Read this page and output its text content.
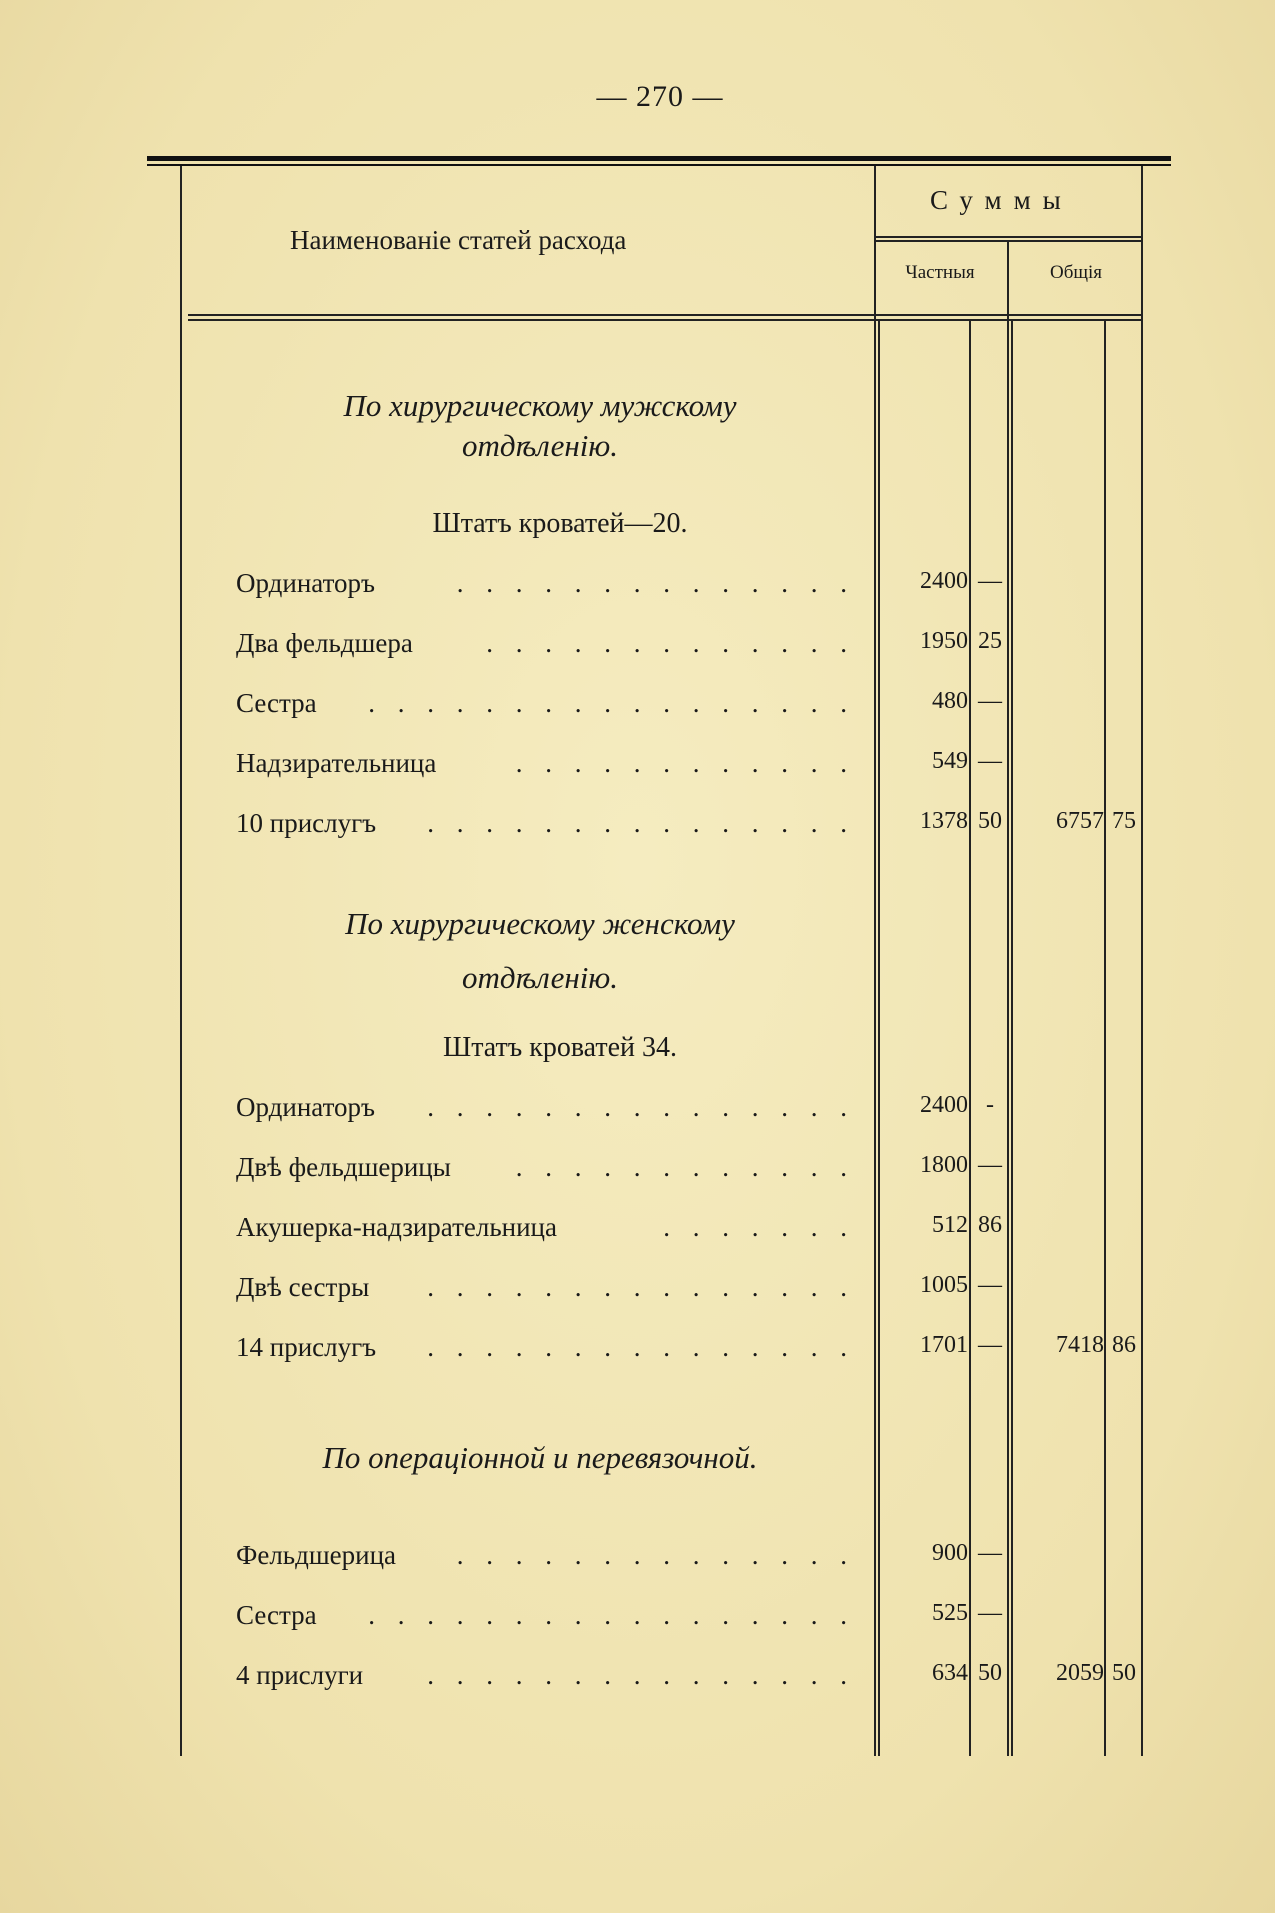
— 270 —
Наименованіе статей расхода
Суммы
Частныя	Общія
По хирургическому мужскому
отдѣленію.
Штатъ кроватей—20.
Ординаторъ	. . . . . . . . . . . . . .	2400 —
Два фельдшера	. . . . . . . . . . . . .	1950 25
Сестра . . . . . . . . . . . . . . . . .	480 —
Надзирательница	. . . . . . . . . . . .	549 —
10 прислугъ . . . . . . . . . . . . . . .	1378 50	6757 75
По хирургическому женскому
отдѣленію.
Штатъ кроватей 34.
Ординаторъ . . . . . . . . . . . . . . .	2400 -
Двѣ фельдшерицы . . . . . . . . . . . .	1800 —
Акушерка-надзирательница	. . . . . . .	512 86
Двѣ сестры . . . . . . . . . . . . . . .	1005 —
14 прислугъ . . . . . . . . . . . . . . .	1701 —	7418 86
По операціонной и перевязочной.
Фельдшерица . . . . . . . . . . . . . .	900 —
Сестра . . . . . . . . . . . . . . . . .	525 —
4 прислуги . . . . . . . . . . . . . . .	634 50	2059 50
